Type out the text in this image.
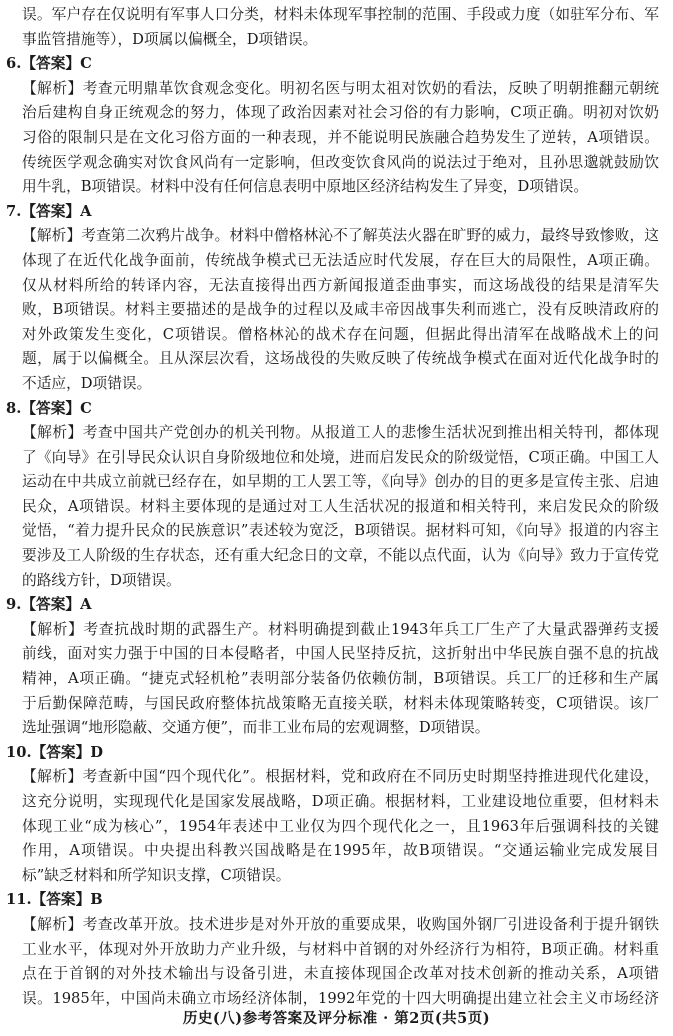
误。军户存在仅说明有军事人口分类，材料未体现军事控制的范围、手段或力度（如驻军分布、军
事监管措施等），D项属以偏概全，D项错误。
6.【答案】C
【解析】考查元明鼎革饮食观念变化。明初名医与明太祖对饮奶的看法，反映了明朝推翻元朝统
治后建构自身正统观念的努力，体现了政治因素对社会习俗的有力影响，C项正确。明初对饮奶
习俗的限制只是在文化习俗方面的一种表现，并不能说明民族融合趋势发生了逆转，A项错误。
传统医学观念确实对饮食风尚有一定影响，但改变饮食风尚的说法过于绝对，且孙思邈就鼓励饮
用牛乳，B项错误。材料中没有任何信息表明中原地区经济结构发生了异变，D项错误。
7.【答案】A
【解析】考查第二次鸦片战争。材料中僧格林沁不了解英法火器在旷野的威力，最终导致惨败，这
体现了在近代化战争面前，传统战争模式已无法适应时代发展，存在巨大的局限性，A项正确。
仅从材料所给的转译内容，无法直接得出西方新闻报道歪曲事实，而这场战役的结果是清军失
败，B项错误。材料主要描述的是战争的过程以及咸丰帝因战事失利而逃亡，没有反映清政府的
对外政策发生变化，C项错误。僧格林沁的战术存在问题，但据此得出清军在战略战术上的问
题，属于以偏概全。且从深层次看，这场战役的失败反映了传统战争模式在面对近代化战争时的
不适应，D项错误。
8.【答案】C
【解析】考查中国共产党创办的机关刊物。从报道工人的悲惨生活状况到推出相关特刊，都体现
了《向导》在引导民众认识自身阶级地位和处境，进而启发民众的阶级觉悟，C项正确。中国工人
运动在中共成立前就已经存在，如早期的工人罢工等，《向导》创办的目的更多是宣传主张、启迪
民众，A项错误。材料主要体现的是通过对工人生活状况的报道和相关特刊，来启发民众的阶级
觉悟，“着力提升民众的民族意识”表述较为宽泛，B项错误。据材料可知，《向导》报道的内容主
要涉及工人阶级的生存状态，还有重大纪念日的文章，不能以点代面，认为《向导》致力于宣传党
的路线方针，D项错误。
9.【答案】A
【解析】考查抗战时期的武器生产。材料明确提到截止1943年兵工厂生产了大量武器弹药支援
前线，面对实力强于中国的日本侵略者，中国人民坚持反抗，这折射出中华民族自强不息的抗战
精神，A项正确。“捷克式轻机枪”表明部分装备仍依赖仿制，B项错误。兵工厂的迁移和生产属
于后勤保障范畴，与国民政府整体抗战策略无直接关联，材料未体现策略转变，C项错误。该厂
选址强调“地形隐蔽、交通方便”，而非工业布局的宏观调整，D项错误。
10.【答案】D
【解析】考查新中国“四个现代化”。根据材料，党和政府在不同历史时期坚持推进现代化建设，
这充分说明，实现现代化是国家发展战略，D项正确。根据材料，工业建设地位重要，但材料未
体现工业“成为核心”，1954年表述中工业仅为四个现代化之一，且1963年后强调科技的关键
作用，A项错误。中央提出科教兴国战略是在1995年，故B项错误。“交通运输业完成发展目
标”缺乏材料和所学知识支撑，C项错误。
11.【答案】B
【解析】考查改革开放。技术进步是对外开放的重要成果，收购国外钢厂引进设备利于提升钢铁
工业水平，体现对外开放助力产业升级，与材料中首钢的对外经济行为相符，B项正确。材料重
点在于首钢的对外技术输出与设备引进，未直接体现国企改革对技术创新的推动关系，A项错
误。1985年，中国尚未确立市场经济体制，1992年党的十四大明确提出建立社会主义市场经济
历史(八)参考答案及评分标准 · 第2页(共5页)
